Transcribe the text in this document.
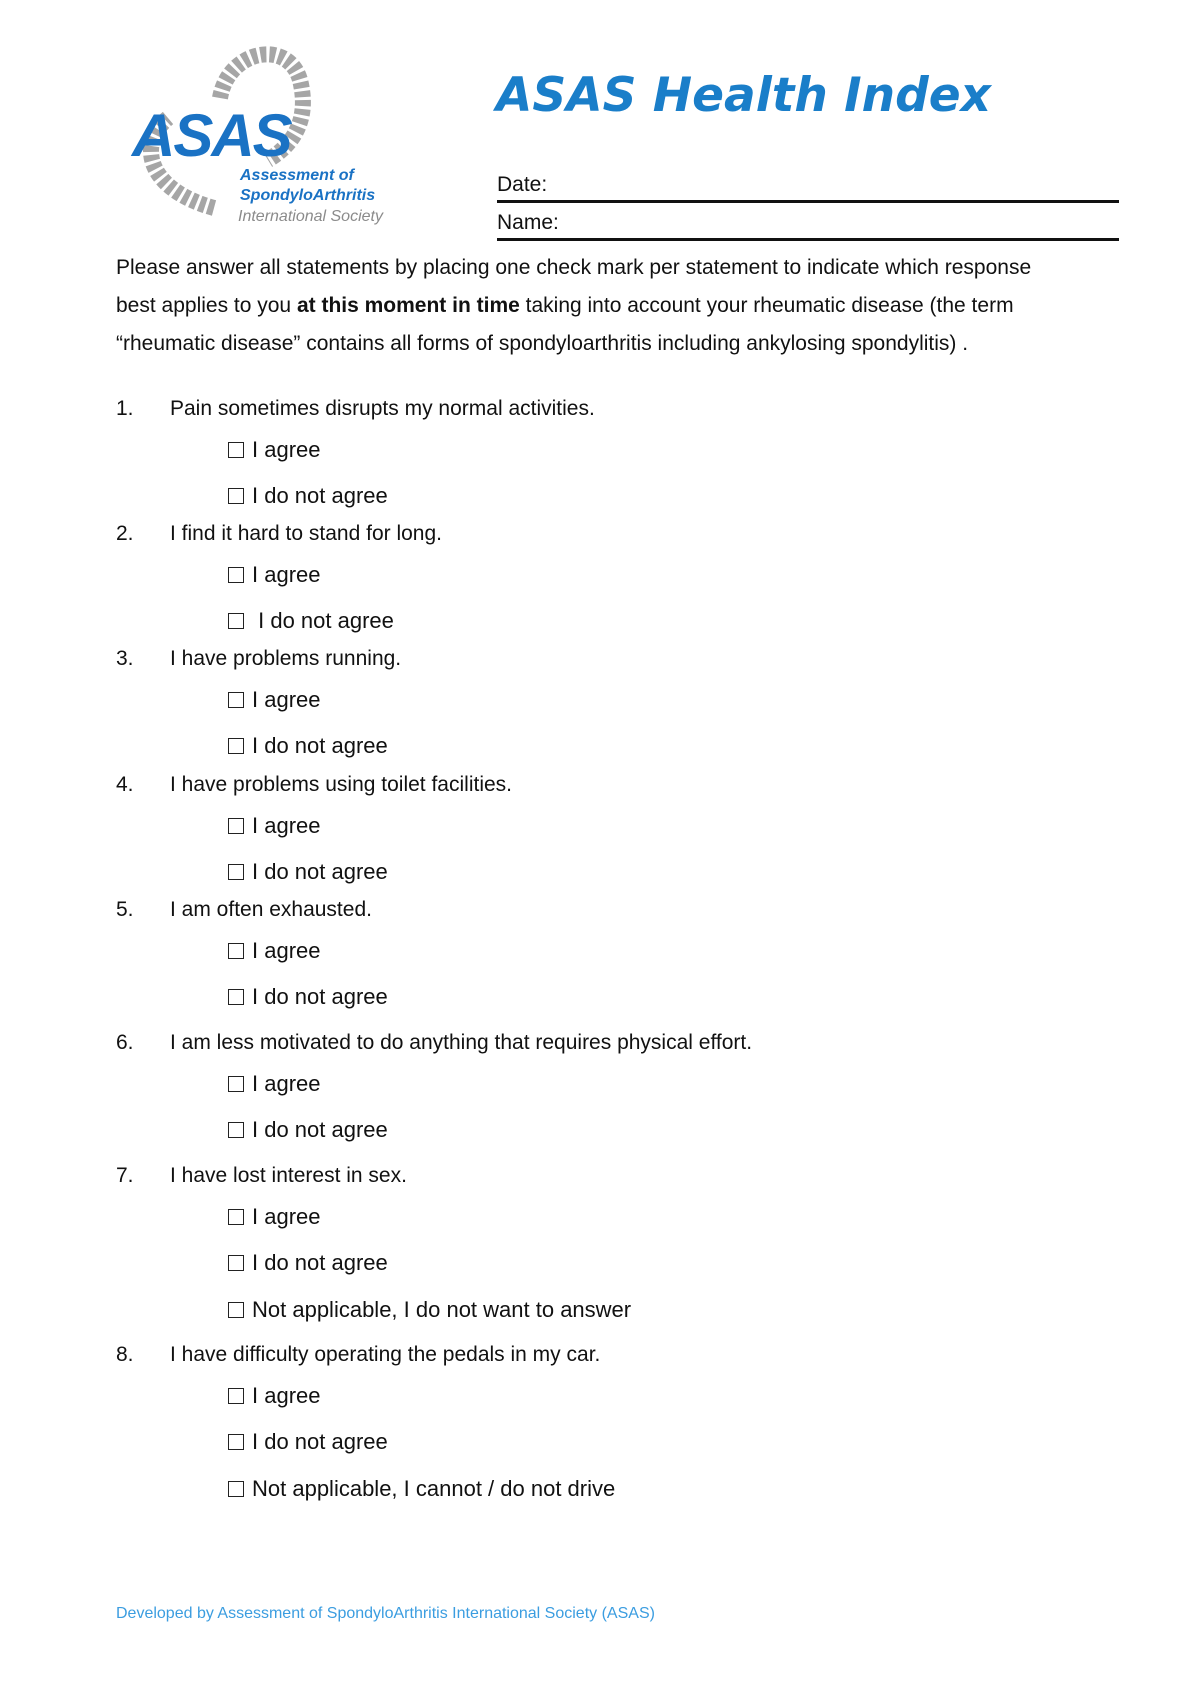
ASAS
Assessment of
SpondyloArthritis
International Society
ASAS Health Index
Date:
Name:
Please answer all statements by placing one check mark per statement to indicate which response
best applies to you at this moment in time taking into account your rheumatic disease (the term
“rheumatic disease” contains all forms of spondyloarthritis including ankylosing spondylitis) .
1. Pain sometimes disrupts my normal activities.
I agree
I do not agree
2. I find it hard to stand for long.
I agree
I do not agree
3. I have problems running.
I agree
I do not agree
4. I have problems using toilet facilities.
I agree
I do not agree
5. I am often exhausted.
I agree
I do not agree
6. I am less motivated to do anything that requires physical effort.
I agree
I do not agree
7. I have lost interest in sex.
I agree
I do not agree
Not applicable, I do not want to answer
8. I have difficulty operating the pedals in my car.
I agree
I do not agree
Not applicable, I cannot / do not drive
Developed by Assessment of SpondyloArthritis International Society (ASAS)
